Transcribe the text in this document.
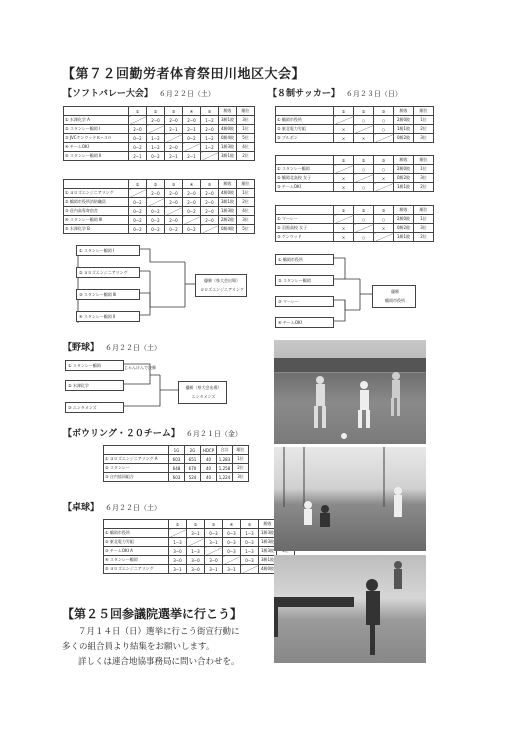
【第７２回勤労者体育祭田川地区大会】
【ソフトバレー大会】 ６月２２日（土）
	①	②	③	④	⑤	勝敗	順位
① 水澤化学 A		2−0	2−0	2−0	1−2	3勝1敗	3位
② スタンレー鶴岡 Ⅰ	2−0		2−1	2−1	2−0	4勝0敗	1位
③ JVCケンウッドＲ−３０	0−2	1−2		0−2	1−2	0勝4敗	5位
④ チームOKI	0−2	1−2	2−0		1−2	1勝3敗	4位
⑤ スタンレー鶴岡 Ⅱ	2−1	0−2	2−1	2−1		3勝1敗	2位
	①	②	③	④	⑤	勝敗	順位
① ヨロズエンジニアリング		2−0	2−0	2−0	2−0	4勝0敗	1位
② 鶴岡市役所消防職員	0−2		2−0	2−0	2−0	3勝1敗	2位
③ 荘内高専寄宿舎	0−2	0−2		0−2	2−0	1勝3敗	4位
④ スタンレー鶴岡 Ⅲ	0−2	0−2	2−0		2−0	2勝2敗	3位
⑤ 水澤化学 B	0−2	0−2	0−2	0−2		0勝4敗	5位
【８制サッカー】 ６月２３日（日）
	①	②	③	勝敗	順位
① 鶴岡市役所		○	○	2勝0敗	1位
② 東北電力労組	×		○	1勝1敗	2位
③ ブルボン	×	×		0勝2敗	3位
	①	②	③	勝敗	順位
① スタンレー鶴岡		○	○	2勝0敗	1位
② 鶴岡北高校 女子	×		×	0勝2敗	3位
③ チームOKI	×	○		1勝1敗	2位
	①	②	③	勝敗	順位
① マーレー		○	○	2勝0敗	1位
② 羽黒高校 女子	×		×	0勝2敗	3位
③ ケンウッド	×	○		1勝1敗	2位
① スタンレー鶴岡 Ⅰ
② ヨロズエンジニアリング
③ スタンレー鶴岡 Ⅲ
④ スタンレー鶴岡 Ⅱ
優勝（県大会出場）
ヨロズエンジニアリング
① 鶴岡市役所
② スタンレー鶴岡
③ マーレー
④ チームOKI
優勝
鶴岡市役所
【野球】 ６月２２日（土）
① スタンレー鶴岡
② 水澤化学
③ エンタメンズ
じゃんけんで決勝
優勝（県大会出場）
エンタメンズ
【ボウリング・２０チーム】 ６月２１日（金）
	1G	2G	HDCP	合計	順位
① ヨロズエンジニアリング A	603	651	40	1,283	1位
② スタンレー	648	670	40	1,258	2位
③ 庄内協同組合	603	524	40	1,224	3位
【卓球】 ６月２２日（土）
	①	②	③	④	⑤	勝敗	
① 鶴岡市役所		3−1	0−3	0−3	1−3	1勝3敗	
② 東北電力労組	1−3		3−1	0−3	0−3	1勝3敗	
③ チームOKI A	3−0	1−3		0−3	1−3	1勝3敗	
④ スタンレー鶴岡	3−0	3−0	3−0		0−3	3勝1敗	
⑤ ヨロズエンジニアリング	3−1	3−0	3−1	3−1		4勝0敗	
【第２５回参議院選挙に行こう】
７月１４日（日）選挙に行こう街宣行動に
多くの組合員より結集をお願いします。
詳しくは連合地協事務局に問い合わせを。
